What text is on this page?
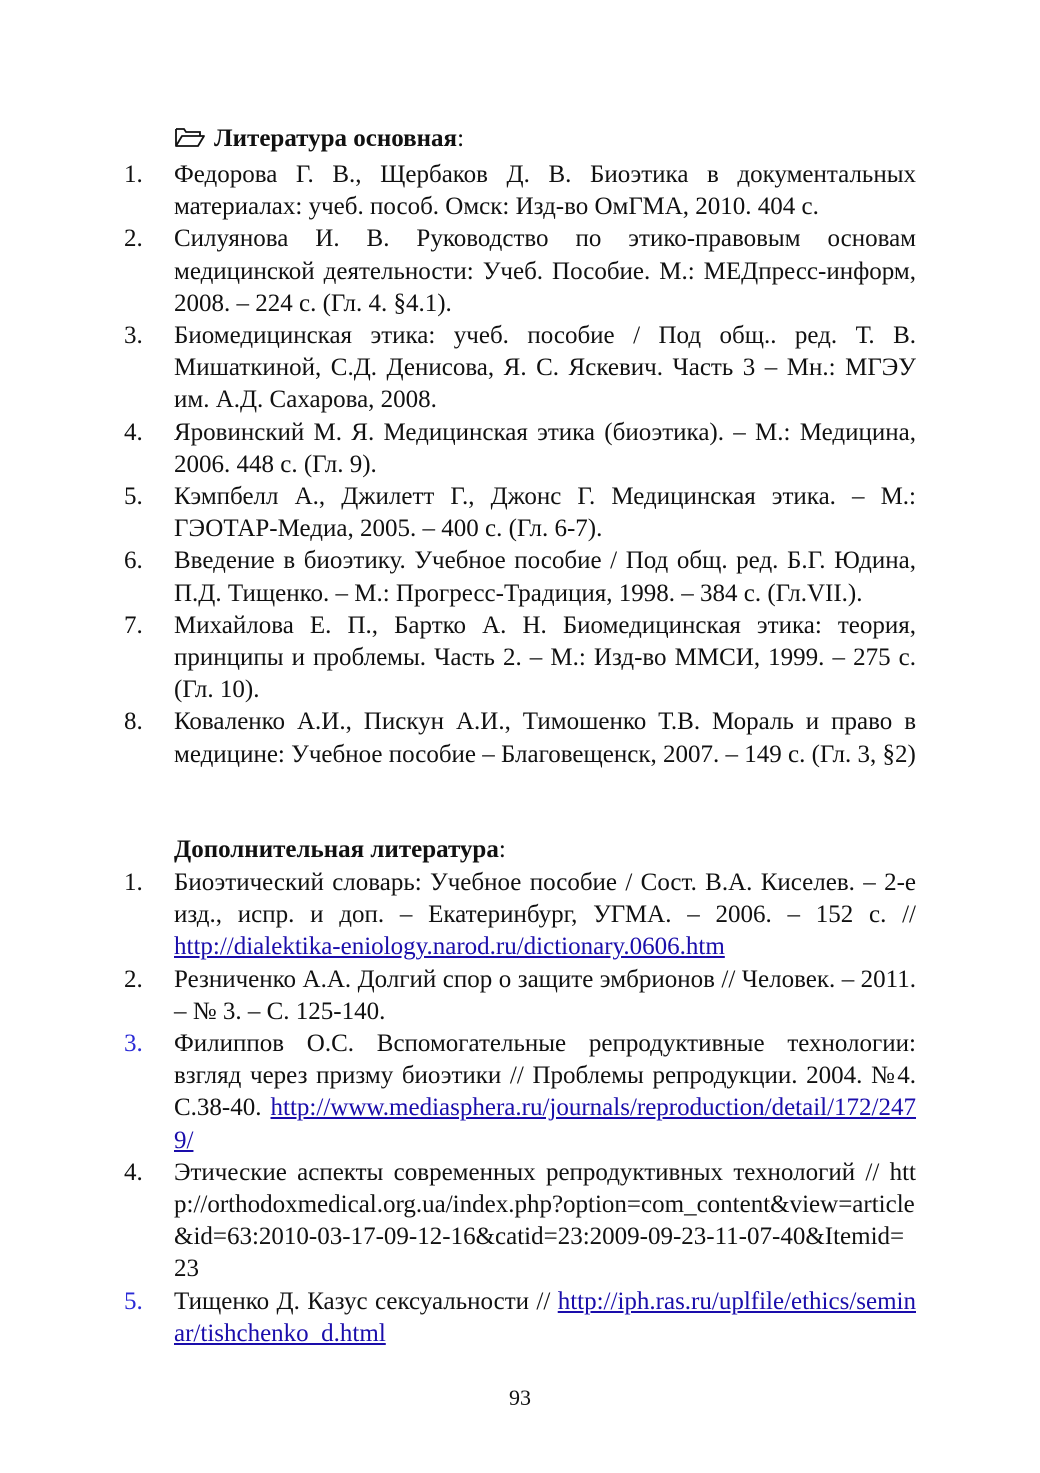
Литература основная:
1.	Федорова Г. В., Щербаков Д. В. Биоэтика в документальных материалах: учеб. пособ. Омск: Изд-во ОмГМА, 2010. 404 с.
2.	Силуянова И. В. Руководство по этико-правовым основам медицинской деятельности: Учеб. Пособие. М.: МЕДпресс-информ, 2008. – 224 с. (Гл. 4. §4.1).
3.	Биомедицинская этика: учеб. пособие / Под общ.. ред. Т. В. Мишаткиной, С.Д. Денисова, Я. С. Яскевич. Часть 3 – Мн.: МГЭУ им. А.Д. Сахарова, 2008.
4.	Яровинский М. Я. Медицинская этика (биоэтика). – М.: Медицина, 2006. 448 с. (Гл. 9).
5.	Кэмпбелл А., Джилетт Г., Джонс Г. Медицинская этика. – М.: ГЭОТАР-Медиа, 2005. – 400 с. (Гл. 6-7).
6.	Введение в биоэтику. Учебное пособие / Под общ. ред. Б.Г. Юдина, П.Д. Тищенко. – М.: Прогресс-Традиция, 1998. – 384 с. (Гл.VII.).
7.	Михайлова Е. П., Бартко А. Н. Биомедицинская этика: теория, принципы и проблемы. Часть 2. – М.: Изд-во ММСИ, 1999. – 275 с. (Гл. 10).
8.	Коваленко А.И., Пискун А.И., Тимошенко Т.В. Мораль и право в медицине: Учебное пособие – Благовещенск, 2007. – 149 с. (Гл. 3, §2)
Дополнительная литература:
1.	Биоэтический словарь: Учебное пособие / Сост. В.А. Киселев. – 2-е изд., испр. и доп. – Екатеринбург, УГМА. – 2006. – 152 с. // http://dialektika-eniology.narod.ru/dictionary.0606.htm
2.	Резниченко А.А. Долгий спор о защите эмбрионов // Человек. – 2011. – № 3. – С. 125-140.
3.	Филиппов О.С. Вспомогательные репродуктивные технологии: взгляд через призму биоэтики // Проблемы репродукции. 2004. №4. С.38-40. http://www.mediasphera.ru/journals/reproduction/detail/172/2479/
4.	Этические аспекты современных репродуктивных технологий // http://orthodoxmedical.org.ua/index.php?option=com_content&view=article&id=63:2010-03-17-09-12-16&catid=23:2009-09-23-11-07-40&Itemid=23
5.	Тищенко Д. Казус сексуальности // http://iph.ras.ru/uplfile/ethics/seminar/tishchenko_d.html
93
